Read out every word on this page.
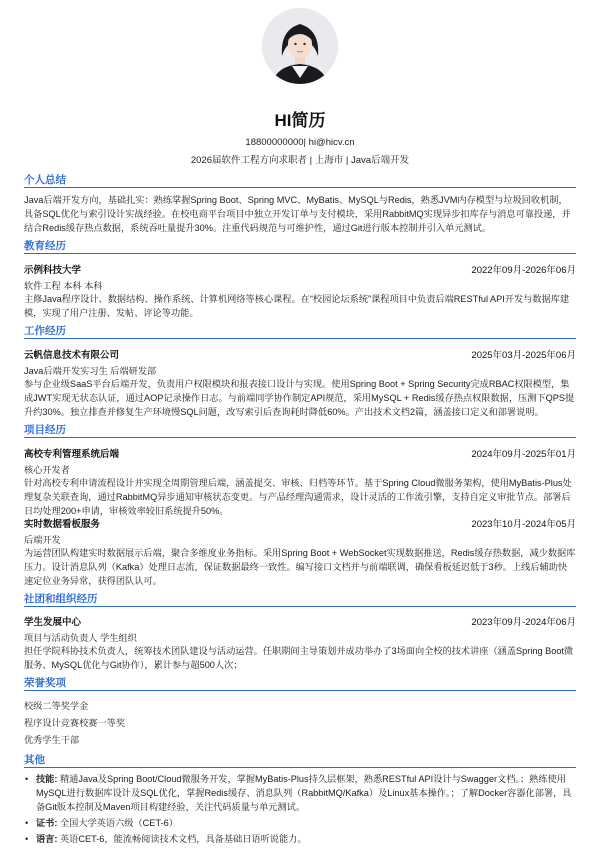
HI简历
18800000000| hi@hicv.cn
2026届软件工程方向求职者 | 上海市 | Java后端开发
个人总结
Java后端开发方向，基础扎实：熟练掌握Spring Boot、Spring MVC、MyBatis、MySQL与Redis，熟悉JVM内存模型与垃圾回收机制，具备SQL优化与索引设计实战经验。在校电商平台项目中独立开发订单与支付模块，采用RabbitMQ实现异步扣库存与消息可靠投递，并结合Redis缓存热点数据，系统吞吐量提升30%。注重代码规范与可维护性，通过Git进行版本控制并引入单元测试。
教育经历
示例科技大学	2022年09月-2026年06月
软件工程 本科 本科
主修Java程序设计、数据结构、操作系统、计算机网络等核心课程。在“校园论坛系统”课程项目中负责后端RESTful API开发与数据库建模，实现了用户注册、发帖、评论等功能。
工作经历
云帆信息技术有限公司	2025年03月-2025年06月
Java后端开发实习生 后端研发部
参与企业级SaaS平台后端开发，负责用户权限模块和报表接口设计与实现。使用Spring Boot + Spring Security完成RBAC权限模型，集成JWT实现无状态认证，通过AOP记录操作日志。与前端同学协作制定API规范，采用MySQL + Redis缓存热点权限数据，压测下QPS提升约30%。独立排查并修复生产环境慢SQL问题，改写索引后查询耗时降低60%。产出技术文档2篇，涵盖接口定义和部署说明。
项目经历
高校专利管理系统后端	2024年09月-2025年01月
核心开发者
针对高校专利申请流程设计并实现全周期管理后端，涵盖提交、审核、归档等环节。基于Spring Cloud微服务架构，使用MyBatis-Plus处理复杂关联查询，通过RabbitMQ异步通知审核状态变更。与产品经理沟通需求，设计灵活的工作流引擎，支持自定义审批节点。部署后日均处理200+申请，审核效率较旧系统提升50%。
实时数据看板服务	2023年10月-2024年05月
后端开发
为运营团队构建实时数据展示后端，聚合多维度业务指标。采用Spring Boot + WebSocket实现数据推送，Redis缓存热数据，减少数据库压力。设计消息队列（Kafka）处理日志流，保证数据最终一致性。编写接口文档并与前端联调，确保看板延迟低于3秒。上线后辅助快速定位业务异常，获得团队认可。
社团和组织经历
学生发展中心	2023年09月-2024年06月
项目与活动负责人 学生组织
担任学院科协技术负责人，统筹技术团队建设与活动运营。任职期间主导策划并成功举办了3场面向全校的技术讲座（涵盖Spring Boot微服务、MySQL优化与Git协作），累计参与超500人次；
荣誉奖项
校级二等奖学金
程序设计竞赛校赛一等奖
优秀学生干部
其他
• 技能: 精通Java及Spring Boot/Cloud微服务开发，掌握MyBatis-Plus持久层框架，熟悉RESTful API设计与Swagger文档。；熟练使用MySQL进行数据库设计及SQL优化，掌握Redis缓存、消息队列（RabbitMQ/Kafka）及Linux基本操作。；了解Docker容器化部署，具备Git版本控制及Maven项目构建经验，关注代码质量与单元测试。
• 证书: 全国大学英语六级（CET-6）
• 语言: 英语CET-6，能流畅阅读技术文档，具备基础日语听说能力。
